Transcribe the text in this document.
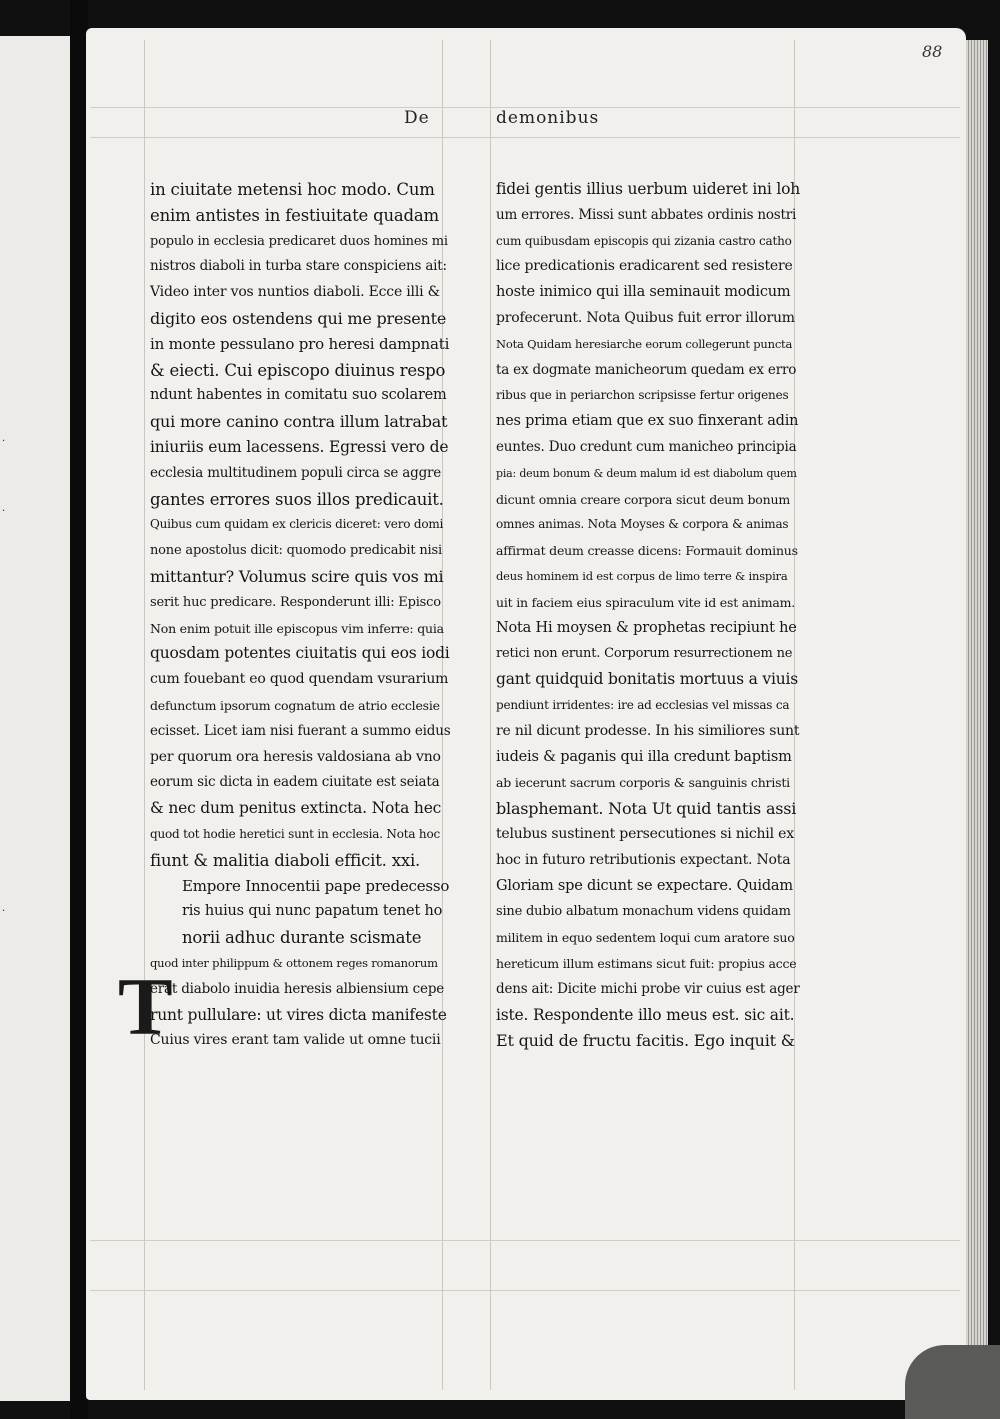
·
·
·
88
De	demonibus
T
in ciuitate metensi hoc modo. Cum
enim antistes in festiuitate quadam
populo in ecclesia predicaret duos homines mi
nistros diaboli in turba stare conspiciens ait:
Video inter vos nuntios diaboli. Ecce illi &
digito eos ostendens qui me presente
in monte pessulano pro heresi dampnati
& eiecti. Cui episcopo diuinus respo
ndunt habentes in comitatu suo scolarem
qui more canino contra illum latrabat
iniuriis eum lacessens. Egressi vero de
ecclesia multitudinem populi circa se aggre
gantes errores suos illos predicauit.
Quibus cum quidam ex clericis diceret: vero domi
none apostolus dicit: quomodo predicabit nisi
mittantur? Volumus scire quis vos mi
serit huc predicare. Responderunt illi: Episco
Non enim potuit ille episcopus vim inferre: quia
quosdam potentes ciuitatis qui eos iodi
cum fouebant eo quod quendam vsurarium
defunctum ipsorum cognatum de atrio ecclesie
ecisset. Licet iam nisi fuerant a summo eidus
per quorum ora heresis valdosiana ab vno
eorum sic dicta in eadem ciuitate est seiata
& nec dum penitus extincta. Nota hec
quod tot hodie heretici sunt in ecclesia. Nota hoc
fiunt & malitia diaboli efficit. xxi.
Empore Innocentii pape predecesso
ris huius qui nunc papatum tenet ho
norii adhuc durante scismate
quod inter philippum & ottonem reges romanorum
erat diabolo inuidia heresis albiensium cepe
runt pullulare: ut vires dicta manifeste
Cuius vires erant tam valide ut omne tucii
fidei gentis illius uerbum uideret ini loh
um errores. Missi sunt abbates ordinis nostri
cum quibusdam episcopis qui zizania castro catho
lice predicationis eradicarent sed resistere
hoste inimico qui illa seminauit modicum
profecerunt. Nota Quibus fuit error illorum
Nota Quidam heresiarche eorum collegerunt puncta
ta ex dogmate manicheorum quedam ex erro
ribus que in periarchon scripsisse fertur origenes
nes prima etiam que ex suo finxerant adin
euntes. Duo credunt cum manicheo principia
pia: deum bonum & deum malum id est diabolum quem
dicunt omnia creare corpora sicut deum bonum
omnes animas. Nota Moyses & corpora & animas
affirmat deum creasse dicens: Formauit dominus
deus hominem id est corpus de limo terre & inspira
uit in faciem eius spiraculum vite id est animam.
Nota Hi moysen & prophetas recipiunt he
retici non erunt. Corporum resurrectionem ne
gant quidquid bonitatis mortuus a viuis
pendiunt irridentes: ire ad ecclesias vel missas ca
re nil dicunt prodesse. In his similiores sunt
iudeis & paganis qui illa credunt baptism
ab iecerunt sacrum corporis & sanguinis christi
blasphemant. Nota Ut quid tantis assi
telubus sustinent persecutiones si nichil ex
hoc in futuro retributionis expectant. Nota
Gloriam spe dicunt se expectare. Quidam
sine dubio albatum monachum videns quidam
militem in equo sedentem loqui cum aratore suo
hereticum illum estimans sicut fuit: propius acce
dens ait: Dicite michi probe vir cuius est ager
iste. Respondente illo meus est. sic ait.
Et quid de fructu facitis. Ego inquit &
